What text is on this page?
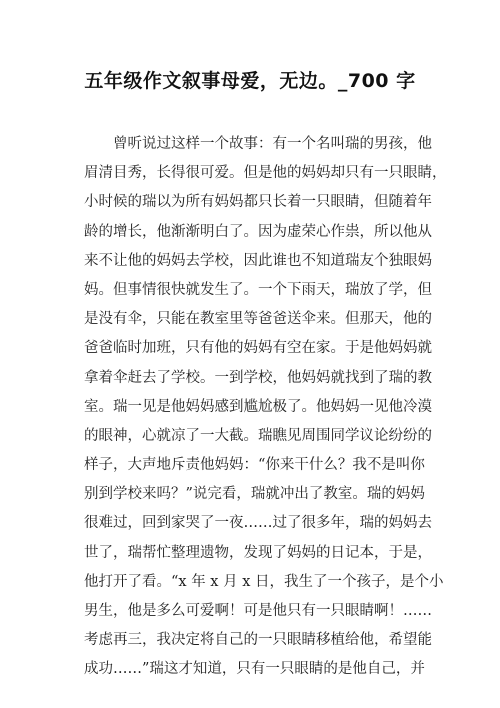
五年级作文叙事母爱，无边。_700 字
　　曾听说过这样一个故事：有一个名叫瑞的男孩，他
眉清目秀，长得很可爱。但是他的妈妈却只有一只眼睛，
小时候的瑞以为所有妈妈都只长着一只眼睛，但随着年
龄的增长，他渐渐明白了。因为虚荣心作祟，所以他从
来不让他的妈妈去学校，因此谁也不知道瑞友个独眼妈
妈。但事情很快就发生了。一个下雨天，瑞放了学，但
是没有伞，只能在教室里等爸爸送伞来。但那天，他的
爸爸临时加班，只有他的妈妈有空在家。于是他妈妈就
拿着伞赶去了学校。一到学校，他妈妈就找到了瑞的教
室。瑞一见是他妈妈感到尴尬极了。他妈妈一见他冷漠
的眼神，心就凉了一大截。瑞瞧见周围同学议论纷纷的
样子，大声地斥责他妈妈：“你来干什么？我不是叫你
别到学校来吗？”说完看，瑞就冲出了教室。瑞的妈妈
很难过，回到家哭了一夜……过了很多年，瑞的妈妈去
世了，瑞帮忙整理遗物，发现了妈妈的日记本，于是，
他打开了看。“x 年 x 月 x 日，我生了一个孩子，是个小
男生，他是多么可爱啊！可是他只有一只眼睛啊！……
考虑再三，我决定将自己的一只眼睛移植给他，希望能
成功……”瑞这才知道，只有一只眼睛的是他自己，并
